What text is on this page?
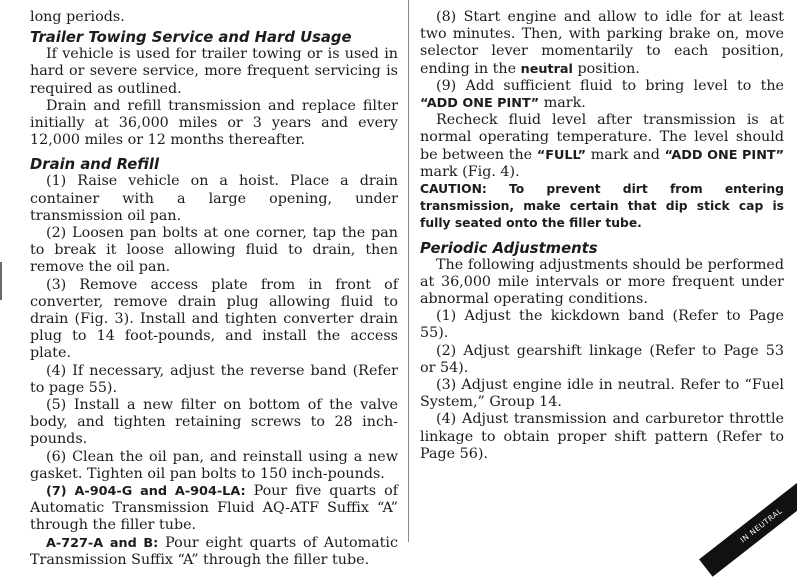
long periods.

Trailer Towing Service and Hard Usage

If vehicle is used for trailer towing or is used in hard or severe service, more frequent servicing is required as outlined.

Drain and refill transmission and replace filter initially at 36,000 miles or 3 years and every 12,000 miles or 12 months thereafter.

Drain and Refill

(1) Raise vehicle on a hoist. Place a drain container with a large opening, under transmission oil pan.

(2) Loosen pan bolts at one corner, tap the pan to break it loose allowing fluid to drain, then remove the oil pan.

(3) Remove access plate from in front of converter, remove drain plug allowing fluid to drain (Fig. 3). Install and tighten converter drain plug to 14 foot-pounds, and install the access plate.

(4) If necessary, adjust the reverse band (Refer to page 55).

(5) Install a new filter on bottom of the valve body, and tighten retaining screws to 28 inch-pounds.

(6) Clean the oil pan, and reinstall using a new gasket. Tighten oil pan bolts to 150 inch-pounds.

(7) A-904-G and A-904-LA: Pour five quarts of Automatic Transmission Fluid AQ-ATF Suffix “A” through the filler tube.

A-727-A and B: Pour eight quarts of Automatic Transmission Suffix “A” through the filler tube.

(8) Start engine and allow to idle for at least two minutes. Then, with parking brake on, move selector lever momentarily to each position, ending in the neutral position.

(9) Add sufficient fluid to bring level to the “ADD ONE PINT” mark.

Recheck fluid level after transmission is at normal operating temperature. The level should be between the “FULL” mark and “ADD ONE PINT” mark (Fig. 4).

CAUTION: To prevent dirt from entering transmission, make certain that dip stick cap is fully seated onto the filler tube.

Periodic Adjustments

The following adjustments should be performed at 36,000 mile intervals or more frequent under abnormal operating conditions.

(1) Adjust the kickdown band (Refer to Page 55).

(2) Adjust gearshift linkage (Refer to Page 53 or 54).

(3) Adjust engine idle in neutral. Refer to “Fuel System,” Group 14.

(4) Adjust transmission and carburetor throttle linkage to obtain proper shift pattern (Refer to Page 56).

IN NEUTRAL
